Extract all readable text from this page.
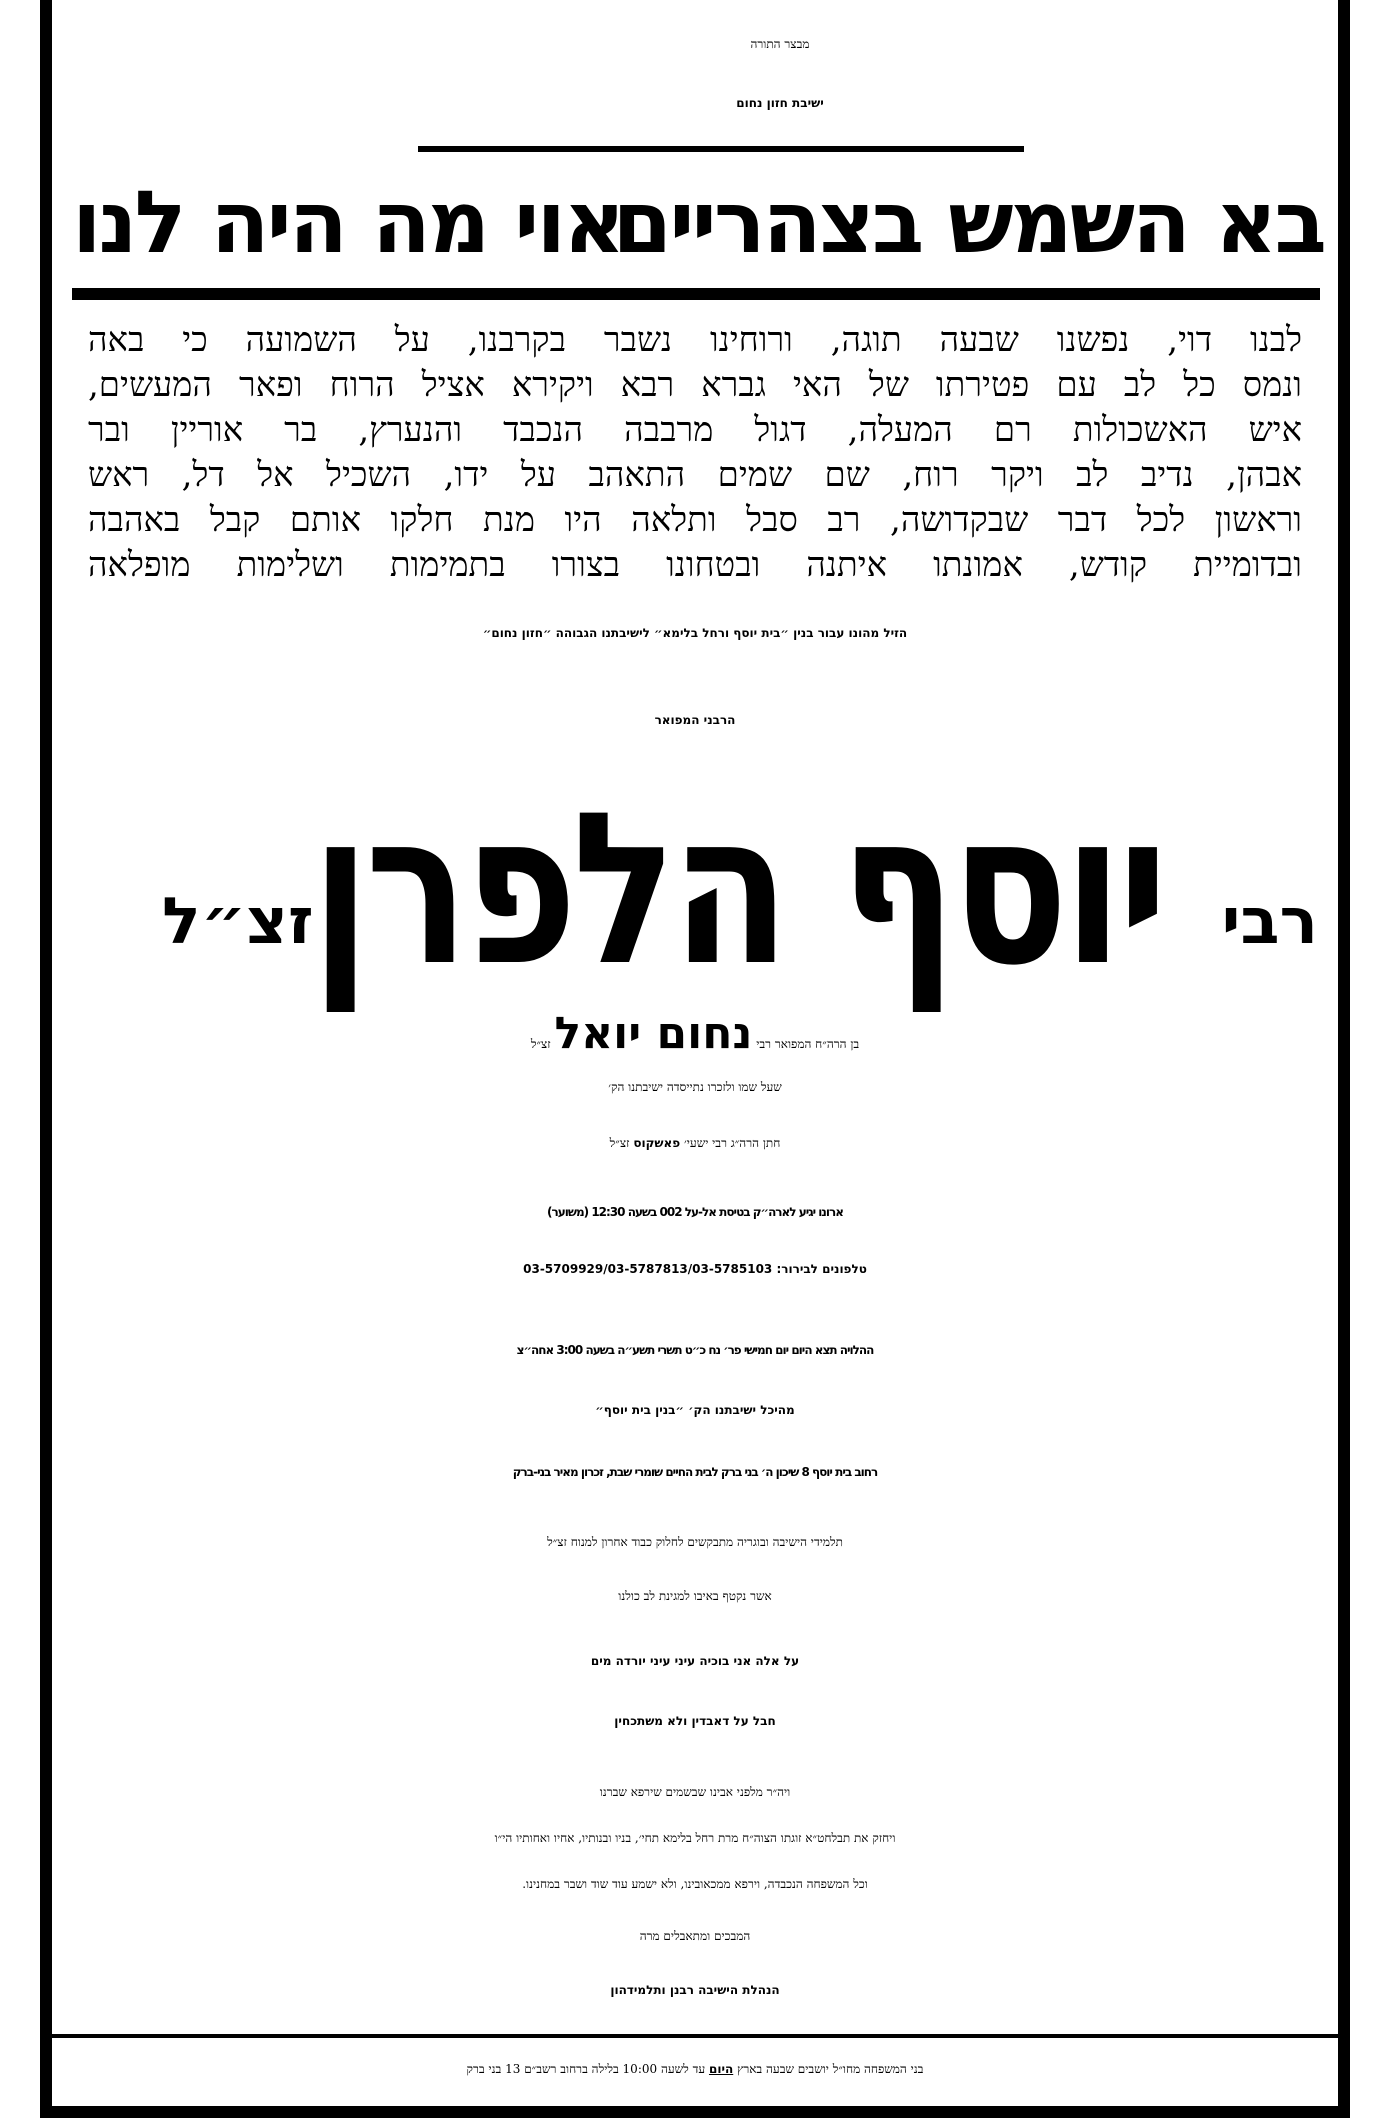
מבצר התורה
ישיבת חזון נחום
בא השמש בצהריים
אוי מה היה לנו
לבנו דוי, נפשנו שבעה תוגה, ורוחינו נשבר בקרבנו, על השמועה כי באה
ונמס כל לב עם פטירתו של האי גברא רבא ויקירא אציל הרוח ופאר המעשים,
איש האשכולות רם המעלה, דגול מרבבה הנכבד והנערץ, בר אוריין ובר
אבהן, נדיב לב ויקר רוח, שם שמים התאהב על ידו, השכיל אל דל, ראש
וראשון לכל דבר שבקדושה, רב סבל ותלאה היו מנת חלקו אותם קבל באהבה
ובדומיית קודש, אמונתו איתנה ובטחונו בצורו בתמימות ושלימות מופלאה
הזיל מהונו עבור בנין ״בית יוסף ורחל בלימא״ לישיבתנו הגבוהה ״חזון נחום״
הרבני המפואר
רבי
יוסף הלפרן
זצ״ל
בן הרה״ח המפואר רבי נחום יואל זצ״ל
שעל שמו ולזכרו נתייסדה ישיבתנו הק׳
חתן הרה״ג רבי ישעי׳ פאשקוס זצ״ל
ארונו יגיע לארה״ק בטיסת אל-על 002 בשעה 12:30 (משוער)
טלפונים לבירור: 03-5709929/03-5787813/03-5785103
ההלויה תצא היום יום חמישי פר׳ נח כ״ט תשרי תשע״ה בשעה 3:00 אחה״צ
מהיכל ישיבתנו הק׳ ״בנין בית יוסף״
רחוב בית יוסף 8 שיכון ה׳ בני ברק לבית החיים שומרי שבת, זכרון מאיר בני-ברק
תלמידי הישיבה ובוגריה מתבקשים לחלוק כבוד אחרון למנוח זצ״ל
אשר נקטף באיבו למגינת לב כולנו
על אלה אני בוכיה עיני עיני יורדה מים
חבל על דאבדין ולא משתכחין
ויה״ר מלפני אבינו שבשמים שירפא שברנו
ויחזק את תבלחט״א זוגתו הצוה״ח מרת רחל בלימא תחי׳, בניו ובנותיו, אחיו ואחותיו הי״ו
וכל המשפחה הנכבדה, וירפא ממכאובינו, ולא ישמע עוד שוד ושבר במחנינו.
המבכים ומתאבלים מרה
הנהלת הישיבה רבנן ותלמידהון
בני המשפחה מחו״ל יושבים שבעה בארץ היום עד לשעה 10:00 בלילה ברחוב רשב״ם 13 בני ברק
